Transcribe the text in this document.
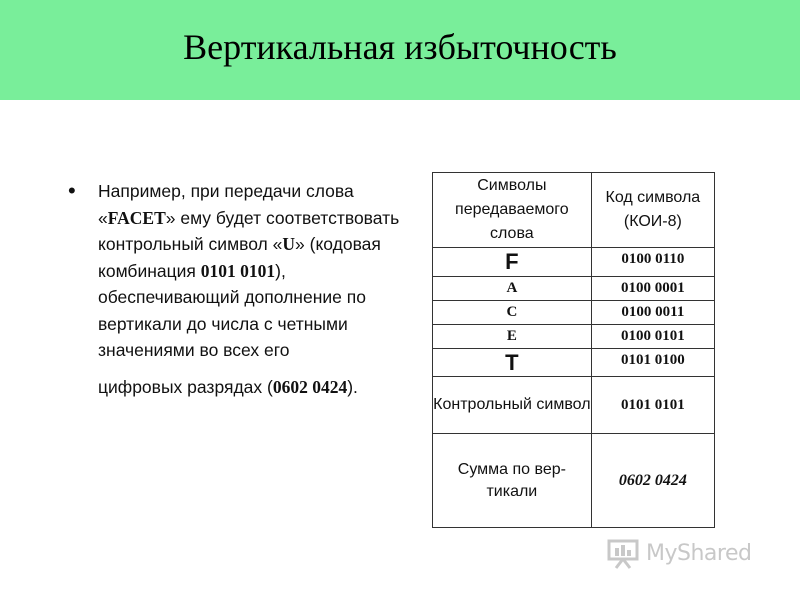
Вертикальная избыточность
• Например, при передачи слова «FACET» ему будет соответствовать контрольный символ «U» (кодовая комбинация 0101 0101), обеспечивающий дополнение по вертикали до числа с четными значениями во всех его
цифровых разрядах (0602 0424).
Символы передаваемого слова	Код символа (КОИ-8)
F	0100 0110
A	0100 0001
C	0100 0011
E	0100 0101
T	0101 0100
Контрольный символ	0101 0101
Сумма по вер-тикали	0602 0424
MyShared
